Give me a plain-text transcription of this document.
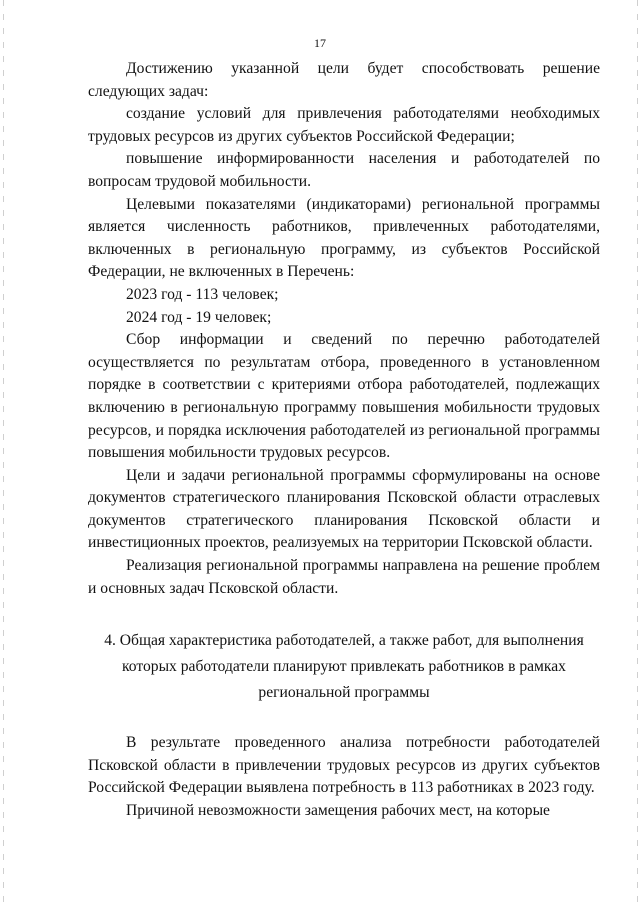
17

Достижению указанной цели будет способствовать решение следующих задач:

создание условий для привлечения работодателями необходимых трудовых ресурсов из других субъектов Российской Федерации;

повышение информированности населения и работодателей по вопросам трудовой мобильности.

Целевыми показателями (индикаторами) региональной программы является численность работников, привлеченных работодателями, включенных в региональную программу, из субъектов Российской Федерации, не включенных в Перечень:

2023 год - 113 человек;

2024 год - 19 человек;

Сбор информации и сведений по перечню работодателей осуществляется по результатам отбора, проведенного в установленном порядке в соответствии с критериями отбора работодателей, подлежащих включению в региональную программу повышения мобильности трудовых ресурсов, и порядка исключения работодателей из региональной программы повышения мобильности трудовых ресурсов.

Цели и задачи региональной программы сформулированы на основе документов стратегического планирования Псковской области отраслевых документов стратегического планирования Псковской области и инвестиционных проектов, реализуемых на территории Псковской области.

Реализация региональной программы направлена на решение проблем и основных задач Псковской области.

4. Общая характеристика работодателей, а также работ, для выполнения которых работодатели планируют привлекать работников в рамках региональной программы

В результате проведенного анализа потребности работодателей Псковской области в привлечении трудовых ресурсов из других субъектов Российской Федерации выявлена потребность в 113 работниках в 2023 году.

Причиной невозможности замещения рабочих мест, на которые
